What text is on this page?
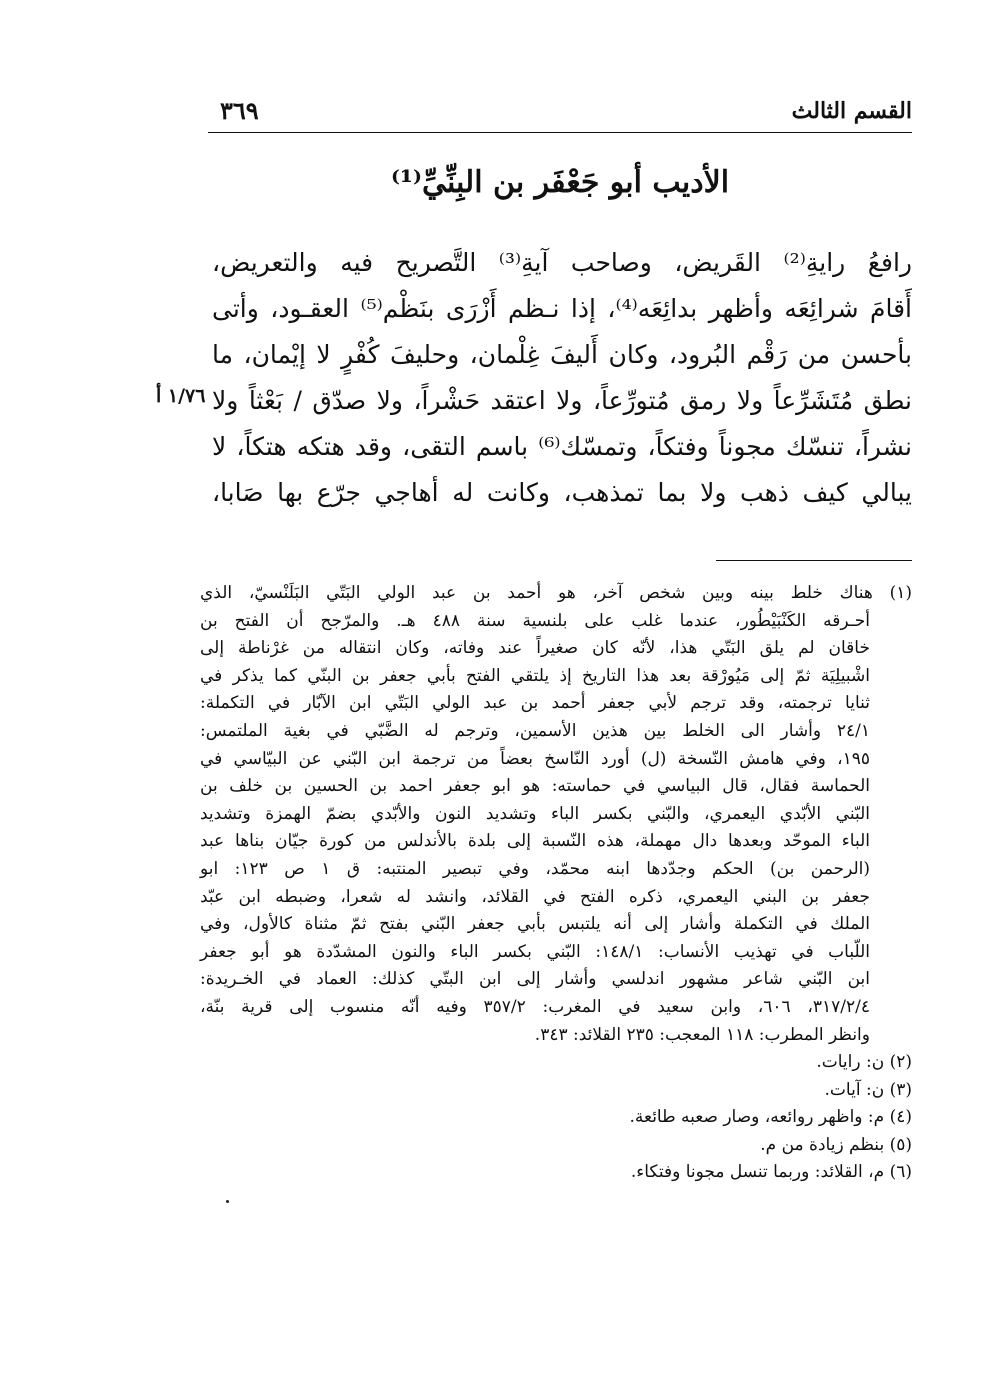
القسم الثالث
٣٦٩
الأديب أبو جَعْفَر بن البِنِّيِّ⁽¹⁾
رافعُ رايةِ⁽²⁾ القَريض، وصاحب آيةِ⁽³⁾ التَّصريح فيه والتعريض،
أَقامَ شرائِعَه وأظهر بدائِعَه⁽⁴⁾، إذا نـظم أَزْرَى بنَظْم⁽⁵⁾ العقـود، وأتى
بأحسن من رَقْم البُرود، وكان أَليفَ غِلْمان، وحليفَ كُفْرٍ لا إيْمان، ما
نطق مُتَشَرِّعاً ولا رمق مُتورِّعاً، ولا اعتقد حَشْراً، ولا صدّق / بَعْثاً ولا
نشراً، تنسّك مجوناً وفتكاً، وتمسّك⁽⁶⁾ باسم التقى، وقد هتكه هتكاً، لا
يبالي كيف ذهب ولا بما تمذهب، وكانت له أهاجي جرّع بها صَابا،
١/٧٦ أ
(١) هناك خلط بينه وبين شخص آخر، هو أحمد بن عبد الولي البَتّي البَلَنْسيّ، الذي
أحـرقه الكَنْبَيْطُور، عندما غلب على بلنسية سنة ٤٨٨ هـ. والمرّجح أن الفتح بن
خاقان لم يلق البَتّي هذا، لأنّه كان صغيراً عند وفاته، وكان انتقاله من غرْناطة إلى
اشْبيلِيَة ثمّ إلى مَيُورْقة بعد هذا التاريخ إذ يلتقي الفتح بأبي جعفر بن البنّي كما يذكر في
ثنايا ترجمته، وقد ترجم لأبي جعفر أحمد بن عبد الولي البَتّي ابن الآبّار في التكملة:
٢٤/١ وأشار الى الخلط بين هذين الأسمين، وترجم له الضَّبّي في بغية الملتمس:
١٩٥، وفي هامش النّسخة (ل) أورد النّاسخ بعضاً من ترجمة ابن البّني عن البيّاسي في
الحماسة فقال، قال البياسي في حماسته: هو ابو جعفر احمد بن الحسين بن خلف بن
البّني الأبّدي اليعمري، والبّني بكسر الباء وتشديد النون والأبّدي بضمّ الهمزة وتشديد
الباء الموحّد وبعدها دال مهملة، هذه النّسبة إلى بلدة بالأندلس من كورة جيّان بناها عبد
(الرحمن بن) الحكم وجدّدها ابنه محمّد، وفي تبصير المنتبه: ق ١ ص ١٢٣: ابو
جعفر بن البني اليعمري، ذكره الفتح في القلائد، وانشد له شعرا، وضبطه ابن عبّد
الملك في التكملة وأشار إلى أنه يلتبس بأبي جعفر البّني بفتح ثمّ مثناة كالأول، وفي
اللّباب في تهذيب الأنساب: ١٤٨/١: البّني بكسر الباء والنون المشدّدة هو أبو جعفر
ابن البّني شاعر مشهور اندلسي وأشار إلى ابن البتّي كذلك: العماد في الخـريدة:
٣١٧/٢/٤، ٦٠٦، وابن سعيد في المغرب: ٣٥٧/٢ وفيه أنّه منسوب إلى قرية بنّة،
وانظر المطرب: ١١٨ المعجب: ٢٣٥ القلائد: ٣٤٣.
(٢) ن: رايات.
(٣) ن: آيات.
(٤) م: واظهر روائعه، وصار صعبه طائعة.
(٥) بنظم زيادة من م.
(٦) م، القلائد: وربما تنسل مجونا وفتكاء.
